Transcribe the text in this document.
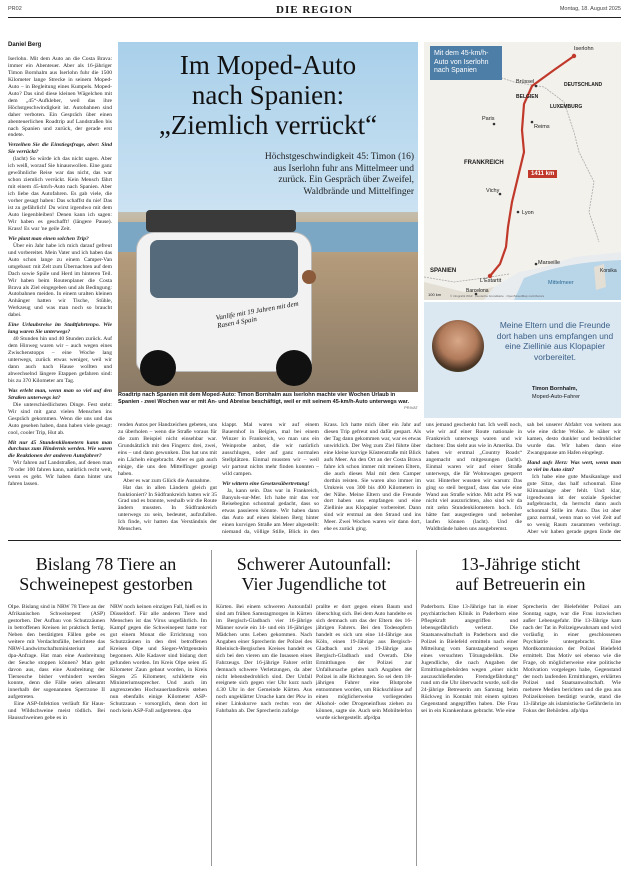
PR02	DIE REGION	Montag, 18. August 2025
Daniel Berg

Iserlohn. Mit dem Auto an die Costa Brava: immer ein Abenteuer. Aber als 16-jähriger Timon Bornhalm aus Iserlohn fuhr die 1500 Kilometer lange Strecke in seinem Moped-Auto – in Begleitung eines Kumpels. Moped-Auto? Das sind diese kleinen Wägelchen mit dem „45“-Aufkleber, weil das ihre Höchstgeschwindigkeit ist. Autobahnen sind daher verboten. Ein Gespräch über einen abenteuerlichen Roadtrip auf Landstraßen bis nach Spanien und zurück, der gerade erst endete.

Verzeihen Sie die Einstiegsfrage, aber: Sind Sie verrückt?

(lacht) So würde ich das nicht sagen. Aber ich weiß, worauf Sie hinauswollen. Eine ganz gewöhnliche Reise war das nicht, das war schon ziemlich verrückt. Kein Mensch fährt mit einem 45-km/h-Auto nach Spanien. Aber ich liebe das Autofahren. Es gab viele, die vorher gesagt haben: Das schaffst du nie! Das ist zu gefährlich! Du wirst irgendwo mit dem Auto liegenbleiben! Denen kann ich sagen: Wir haben es geschafft! (längere Pause). Krass! Es war 'ne geile Zeit.

Wie plant man einen solchen Trip?

Über ein Jahr habe ich mich darauf gefreut und vorbereitet. Mein Vater und ich haben das Auto schon lange zu einem Camper-Van umgebaut: mit Zelt zum Übernachten auf dem Dach sowie Spüle und Herd im hinteren Teil. Wir haben beim Routenplaner die Costa Brava als Ziel eingegeben und als Bedingung: Autobahnen meiden. In einem uralten kleinen Anhänger hatten wir Tische, Stühle, Werkzeug und was man noch so braucht dabei.

Eine Urlaubsreise im Stadtfahrtenpo. Wie lang waren Sie unterwegs?

40 Stunden hin und 40 Stunden zurück. Auf dem Hinweg waren wir – auch wegen eines Zwischenstopps – eine Woche lang unterwegs, zurück etwas weniger, weil wir dann auch nach Hause wollten und abwechselnd längere Etappen gefahren sind: bis zu 370 Kilometer am Tag.

Was erlebt man, wenn man so viel auf den Straßen unterwegs ist?

Die unterschiedlichsten Dinge. Fest steht: Wir sind mit ganz vielen Menschen ins Gespräch gekommen. Wenn die uns und das Auto gesehen haben, dann haben viele gesagt: cool, cooler Trip, Hut ab.

Mit nur 45 Stundenkilometern kann man durchaus zum Hindernis werden. Wie waren die Reaktionen der anderen Autofahrer?

Wir fahren auf Landstraßen, auf denen man 70 oder 100 fahren kann, natürlich recht weit, wenn es geht. Wir haben dann hinter uns fahren lassen.

Im Moped-Auto
nach Spanien:
„Ziemlich verrückt“
Höchstgeschwindigkeit 45: Timon (16) aus Iserlohn fuhr ans Mittelmeer und zurück. Ein Gespräch über Zweifel, Waldbrände und Mittelfinger
Vanlife mit 19 Jahren mit dem Rasen 4 Spain
Roadtrip nach Spanien mit dem Moped-Auto: Timon Bornhalm aus Iserlohn machte vier Wochen Urlaub in Spanien - zwei Wochen war er mit An- und Abreise beschäftigt, weil er mit seinem 45-km/h-Auto unterwegs war.
PRIVAT
Mit dem 45-km/h-Auto von Iserlohn nach Spanien
1411 km
Iserlohn
Brüssel
BELGIEN
DEUTSCHLAND
LUXEMBURG
Paris
Reims
FRANKREICH
Vichy
Lyon
Marseille
SPANIEN
L'Estartit
Barcelona
Mittelmeer
Korsika
100 km	© infografik WAZ · Deutsche Grundkarte · OpenStreetMap contributors
Meine Eltern und die Freunde dort haben uns empfangen und eine Ziellinie aus Klopapier vorbereitet.
Timon Bornhalm,
Moped-Auto-Fahrer

renden Autos per Handzeichen gebeten, uns zu überholen – wenn die Straße voraus für die zum Beispiel nicht einsehbar war. Grundsätzlich mit den Fingern: drei, zwei, eins – und dann gewunken. Das hat uns mit ein Lächeln eingebracht. Aber es gab auch einige, die uns den Mittelfinger gezeigt haben.

Aber es war zum Glück die Ausnahme.

Hat das in allen Ländern gleich gut funktioniert? In Südfrankreich hatten wir 35 Grad und es brannte, weshalb wir die Route ändern mussten. In Südfrankreich unterwegs zu sein, bedeutet, aufzufallen. Ich finde, wir hatten das Verständnis der Menschen.

klappt. Mal waren wir auf einem Bauernhof in Belgien, mal bei einem Winzer in Frankreich, wo man uns ein Weinprobe anbot, die wir natürlich ausschlugen, oder auf ganz normalen Stellplätzen. Einmal mussten wir – weil wir partout nichts mehr finden konnten – wild campen.

Wir wittern eine Gesetzesübertretung!

Ja, kann sein. Das war in Frankreich, Banyuls-sur-Mer. Ich habe mir das vor Reisebeginn schonmal gedacht, dass so etwas passieren könnte. Wir haben dann das Auto auf einen kleinen Berg hinter einen kurvigen Straße am Meer abgestellt: niemand da, völlige Stille, Blick in den

Krass. Ich hatte mich über ein Jahr auf diesen Trip gefreut und dafür gespart. Als der Tag dann gekommen war, war es etwas unwirklich. Der Weg zum Ziel führte über eine kleine kurvige Küstenstraße mit Blick aufs Meer. An den Ort an der Costa Brava fahre ich schon immer mit meinen Eltern, die auch dieses Mal mit dem Camper dorthin reisten. Sie waren also immer im Umkreis von 300 bis 400 Kilometern in der Nähe. Meine Eltern und die Freunde dort haben uns empfangen und eine Ziellinie aus Klopapier vorbereitet. Dann sind wir erstmal an den Strand und ins Meer. Zwei Wochen waren wir dann dort, ehe es zurück ging.

uns jemand geschenkt hat. Ich weiß noch, wie wir auf einer Route nationale in Frankreich unterwegs waren und wir dachten: Das sieht aus wie in Amerika. Da haben wir erstmal „Country Roads“ angemacht und mitgesungen (lacht). Einmal waren wir auf einer Straße unterwegs, die für Wohnwagen gesperrt war. Hinterher wussten wir warum: Das ging so steil bergauf, dass das wie eine Wand aus Straße wirkte. Mit acht PS war nicht viel auszurichten, also sind wir da mit zehn Stundenkilometern hoch. Ich hätte fast ausgestiegen und nebenher laufen können (lacht). Und die Waldbrände haben uns ausgebremst.

sah bei unserer Abfahrt von weitem aus wie eine dichte Wolke. Je näher wir kamen, desto dunkler und bedrohlicher wurde das. Wir haben dann eine Zwangspause am Hafen eingelegt.

Hand aufs Herz: Was wert, wenn man so viel im Auto sitzt?

Ich habe eine gute Musikanlage und gute Sitze, das half schonmal. Eine Klimaanlage aber fehlt. Und: klar, irgendwann ist der soziale Speicher aufgebraucht, da herrscht dann auch schonmal Stille im Auto. Das ist aber ganz normal, wenn man so viel Zeit auf so wenig Raum zusammen verbringt. Aber wir haben gerade gegen Ende der

Bislang 78 Tiere an
Schweinepest gestorben

Olpe. Bislang sind in NRW 78 Tiere an der Afrikanischen Schweinepest (ASP) gestorben. Der Aufbau von Schutzzäunen in betroffenen Kreisen ist praktisch fertig. Neben den bestätigten Fällen gebe es weitere mit Verdachtsfälle, berichtete das NRW-Landwirtschaftsministerium auf dpa-Anfrage. Hat man eine Ausbreitung der Seuche stoppen können? Man geht davon aus, dass eine Ausbreitung der Tierseuche bisher verhindert werden konnte, denn die Fälle seien allesamt innerhalb der sogenannten Sperrzone II aufgetreten.

Eine ASP-Infektion verläuft für Haus- und Wildschweine meist tödlich. Bei Hausschweinen gebe es in

NRW noch keinen einzigen Fall, hieß es in Düsseldorf. Für alle anderen Tiere und Menschen ist das Virus ungefährlich. Im Kampf gegen die Schweinepest hatte vor gut einem Monat die Errichtung von Schutzzäunen in den drei betroffenen Kreisen Olpe und Siegen-Wittgenstein begonnen. Alle Kadaver sind bislang dort gefunden worden. Im Kreis Olpe seien 45 Kilometer Zaun gebaut worden, in Kreis Siegen 25 Kilometer, schilderte ein Ministeriumssprecher. Und auch im angrenzenden Hochsauerlandkreis stehen nun ebenfalls einige Kilometer ASP-Schutzzaun - vorsorglich, denn dort ist noch kein ASP-Fall aufgetreten. dpa
Schwerer Autounfall:
Vier Jugendliche tot
Kürten. Bei einem schweren Autounfall sind am frühen Samstagmorgen in Kürten im Bergisch-Gladbach vier 16-jährige Männer sowie ein 14- und ein 16-jähriges Mädchen ums Leben gekommen. Nach Angaben einer Sprecherin der Polizei des Rheinisch-Bergischen Kreises handelt es sich bei den vieren um die Insassen eines Fahrzeugs. Der 16-jährige Fahrer erlitt demnach schwere Verletzungen, da aber nicht lebensbedrohlich sind. Der Unfall ereignete sich gegen vier Uhr kurz nach 4.30 Uhr in der Gemeinde Kürten. Aus noch ungeklärter Ursache kam der Pkw in einer Linkskurve nach rechts von der Fahrbahn ab. Der Sprecherin zufolge
prallte er dort gegen einen Baum und überschlug sich. Bei dem Auto handelte es sich demnach um das der Eltern des 16-jährigen Fahrers. Bei den Todesopfern handelt es sich um eine 14-Jährige aus Köln, einen 19-Jährige aus Bergisch-Gladbach und zwei 19-Jährige aus Bergisch-Gladbach und Overath. Die Ermittlungen der Polizei zur Unfallursache gehen nach Angaben der Polizei in alle Richtungen. So sei dem 18-jährigen Fahrer eine Blutprobe entnommen worden, um Rückschlüsse auf einen möglicherweise vorliegenden Alkohol- oder Drogeneinfluss ziehen zu können, sagte sie. Auch sein Mobiltelefon wurde sichergestellt. afp/dpa
13-Jährige sticht
auf Betreuerin ein
Paderborn. Eine 13-Jährige hat in einer psychiatrischen Klinik in Paderborn eine Pflegekraft angegriffen und lebensgefährlich verletzt. Die Staatsanwaltschaft in Paderborn und die Polizei in Bielefeld ermitteln nach einer Mitteilung vom Samstagabend wegen eines versuchten Tötungsdelikts. Die Jugendliche, die nach Angaben der Ermittlungsbehörden wegen „einer nicht auszuschließenden Fremdgefährdung“ rund um die Uhr überwacht wurde, soll die 24-jährige Betreuerin am Samstag beim Rückweg in Kontakt mit einem spitzen Gegenstand angegriffen haben. Die Frau sei in ein Krankenhaus gebracht. Wie eine
Sprecherin der Bielefelder Polizei am Sonntag sagte, war die Frau inzwischen außer Lebensgefahr. Die 13-Jährige kam nach der Tat in Polizeigewahrsam und wird vorläufig in einer geschlossenen Psychiatrie untergebracht. Eine Mordkommission der Polizei Bielefeld ermittelt. Das Motiv sei ebenso wie die Frage, ob möglicherweise eine politische Motivation vorgelegen habe, Gegenstand der noch laufenden Ermittlungen, erklärten Polizei und Staatsanwaltschaft. Wie mehrere Medien berichten und die gea aus Polizeikreisen bestätigt wurde, stand die 13-Jährige als islamistische Gefährderin im Fokus der Behörden. afp/dpa
